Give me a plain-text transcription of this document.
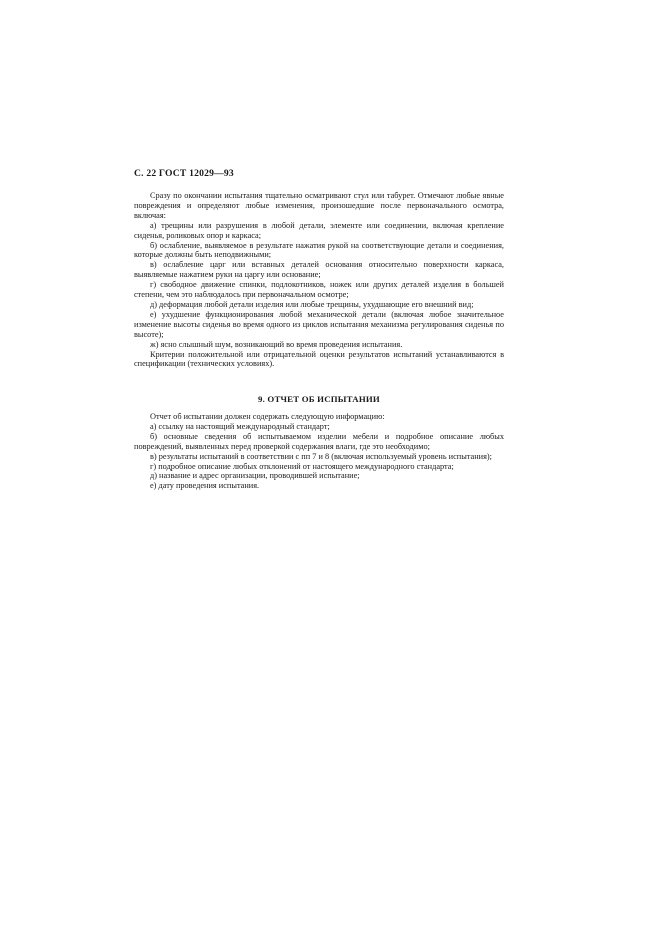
С. 22 ГОСТ 12029—93

Сразу по окончании испытания тщательно осматривают стул или табурет. Отмечают любые явные повреждения и определяют любые изменения, произошедшие после первоначального осмотра, включая:

а) трещины или разрушения в любой детали, элементе или соединении, включая крепление сиденья, роликовых опор и каркаса;

б) ослабление, выявляемое в результате нажатия рукой на соответствующие детали и соединения, которые должны быть неподвижными;

в) ослабление царг или вставных деталей основания относительно поверхности каркаса, выявляемые нажатием руки на царгу или основание;

г) свободное движение спинки, подлокотников, ножек или других деталей изделия в большей степени, чем это наблюдалось при первоначальном осмотре;

д) деформация любой детали изделия или любые трещины, ухудшающие его внешний вид;

е) ухудшение функционирования любой механической детали (включая любое значительное изменение высоты сиденья во время одного из циклов испытания механизма регулирования сиденья по высоте);

ж) ясно слышный шум, возникающий во время проведения испытания.

Критерии положительной или отрицательной оценки результатов испытаний устанавливаются в спецификации (технических условиях).

9. ОТЧЕТ ОБ ИСПЫТАНИИ

Отчет об испытании должен содержать следующую информацию:

а) ссылку на настоящий международный стандарт;

б) основные сведения об испытываемом изделии мебели и подробное описание любых повреждений, выявленных перед проверкой содержания влаги, где это необходимо;

в) результаты испытаний в соответствии с пп 7 и 8 (включая используемый уровень испытания);

г) подробное описание любых отклонений от настоящего международного стандарта;

д) название и адрес организации, проводившей испытание;

е) дату проведения испытания.
